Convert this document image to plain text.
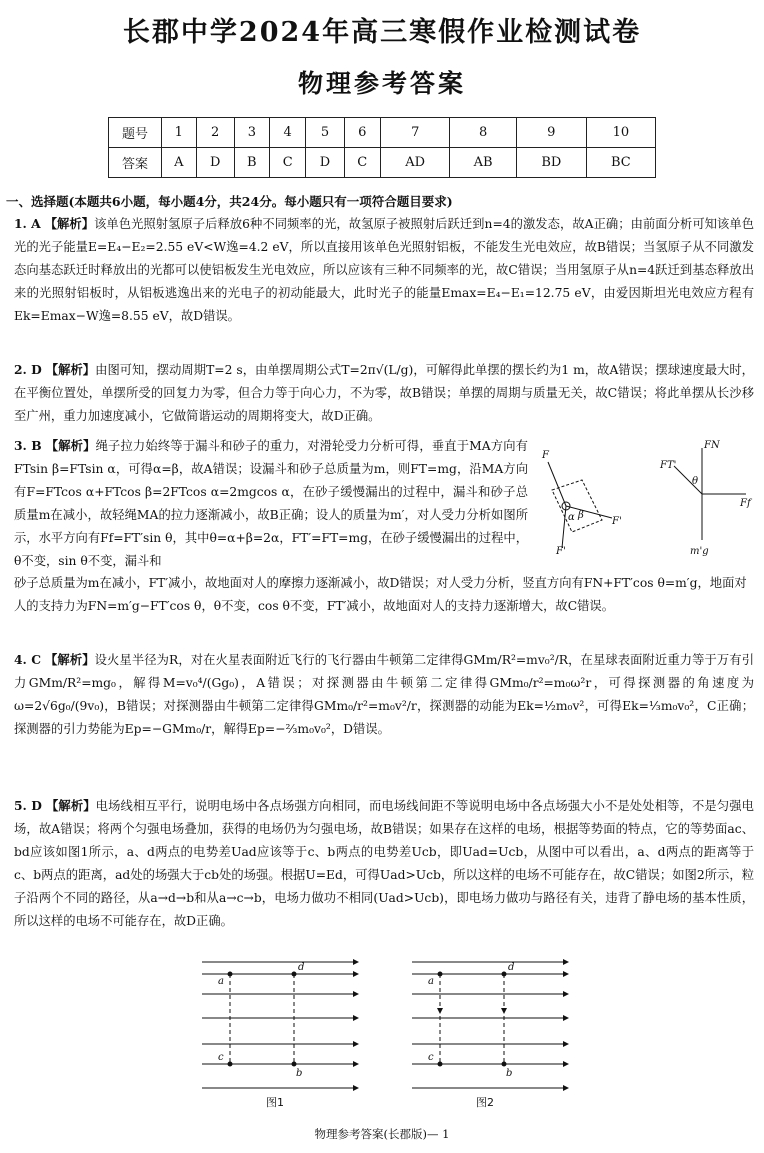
长郡中学2024年高三寒假作业检测试卷
物理参考答案
题号	1	2	3	4	5	6	7	8	9	10
答案	A	D	B	C	D	C	AD	AB	BD	BC
一、选择题(本题共6小题，每小题4分，共24分。每小题只有一项符合题目要求)
1. A 【解析】该单色光照射氢原子后释放6种不同频率的光，故氢原子被照射后跃迁到n=4的激发态，故A正确；由前面分析可知该单色光的光子能量E=E₄−E₂=2.55 eV<W逸=4.2 eV，所以直接用该单色光照射铝板，不能发生光电效应，故B错误；当氢原子从不同激发态向基态跃迁时释放出的光都可以使铝板发生光电效应，所以应该有三种不同频率的光，故C错误；当用氢原子从n=4跃迁到基态释放出来的光照射铝板时，从铝板逃逸出来的光电子的初动能最大，此时光子的能量Emax=E₄−E₁=12.75 eV，由爱因斯坦光电效应方程有Ek=Emax−W逸=8.55 eV，故D错误。
2. D 【解析】由图可知，摆动周期T=2 s，由单摆周期公式T=2π√(L/g)，可解得此单摆的摆长约为1 m，故A错误；摆球速度最大时，在平衡位置处，单摆所受的回复力为零，但合力等于向心力，不为零，故B错误；单摆的周期与质量无关，故C错误；将此单摆从长沙移至广州，重力加速度减小，它做简谐运动的周期将变大，故D正确。
3. B 【解析】绳子拉力始终等于漏斗和砂子的重力，对滑轮受力分析可得，垂直于MA方向有FTsin β=FTsin α，可得α=β，故A错误；设漏斗和砂子总质量为m，则FT=mg，沿MA方向有F=FTcos α+FTcos β=2FTcos α=2mgcos α，在砂子缓慢漏出的过程中，漏斗和砂子总质量m在减小，故轻绳MA的拉力逐渐减小，故B正确；设人的质量为m′，对人受力分析如图所示，水平方向有Ff=FT′sin θ，其中θ=α+β=2α，FT′=FT=mg，在砂子缓慢漏出的过程中，θ不变，sin θ不变，漏斗和
砂子总质量为m在减小，FT′减小，故地面对人的摩擦力逐渐减小，故D错误；对人受力分析，竖直方向有FN+FT′cos θ=m′g，地面对人的支持力为FN=m′g−FT′cos θ，θ不变，cos θ不变，FT′减小，故地面对人的支持力逐渐增大，故C错误。
F
F'
α β
F'
FN
FT'
θ
Ff
m'g
4. C 【解析】设火星半径为R，对在火星表面附近飞行的飞行器由牛顿第二定律得GMm/R²=mv₀²/R，在星球表面附近重力等于万有引力GMm/R²=mg₀，解得M=v₀⁴/(Gg₀)，A错误；对探测器由牛顿第二定律得GMm₀/r²=m₀ω²r，可得探测器的角速度为ω=2√6g₀/(9v₀)，B错误；对探测器由牛顿第二定律得GMm₀/r²=m₀v²/r，探测器的动能为Ek=½m₀v²，可得Ek=⅓m₀v₀²，C正确；探测器的引力势能为Ep=−GMm₀/r，解得Ep=−⅔m₀v₀²，D错误。
5. D 【解析】电场线相互平行，说明电场中各点场强方向相同，而电场线间距不等说明电场中各点场强大小不是处处相等，不是匀强电场，故A错误；将两个匀强电场叠加，获得的电场仍为匀强电场，故B错误；如果存在这样的电场，根据等势面的特点，它的等势面ac、bd应该如图1所示，a、d两点的电势差Uad应该等于c、b两点的电势差Ucb，即Uad=Ucb，从图中可以看出，a、d两点的距离等于c、b两点的距离，ad处的场强大于cb处的场强。根据U=Ed，可得Uad>Ucb，所以这样的电场不可能存在，故C错误；如图2所示，粒子沿两个不同的路径，从a→d→b和从a→c→b，电场力做功不相同(Uad>Ucb)，即电场力做功与路径有关，违背了静电场的基本性质，所以这样的电场不可能存在，故D正确。
a
d
c
b
图1
a
d
c
b
图2
物理参考答案(长郡版)— 1
